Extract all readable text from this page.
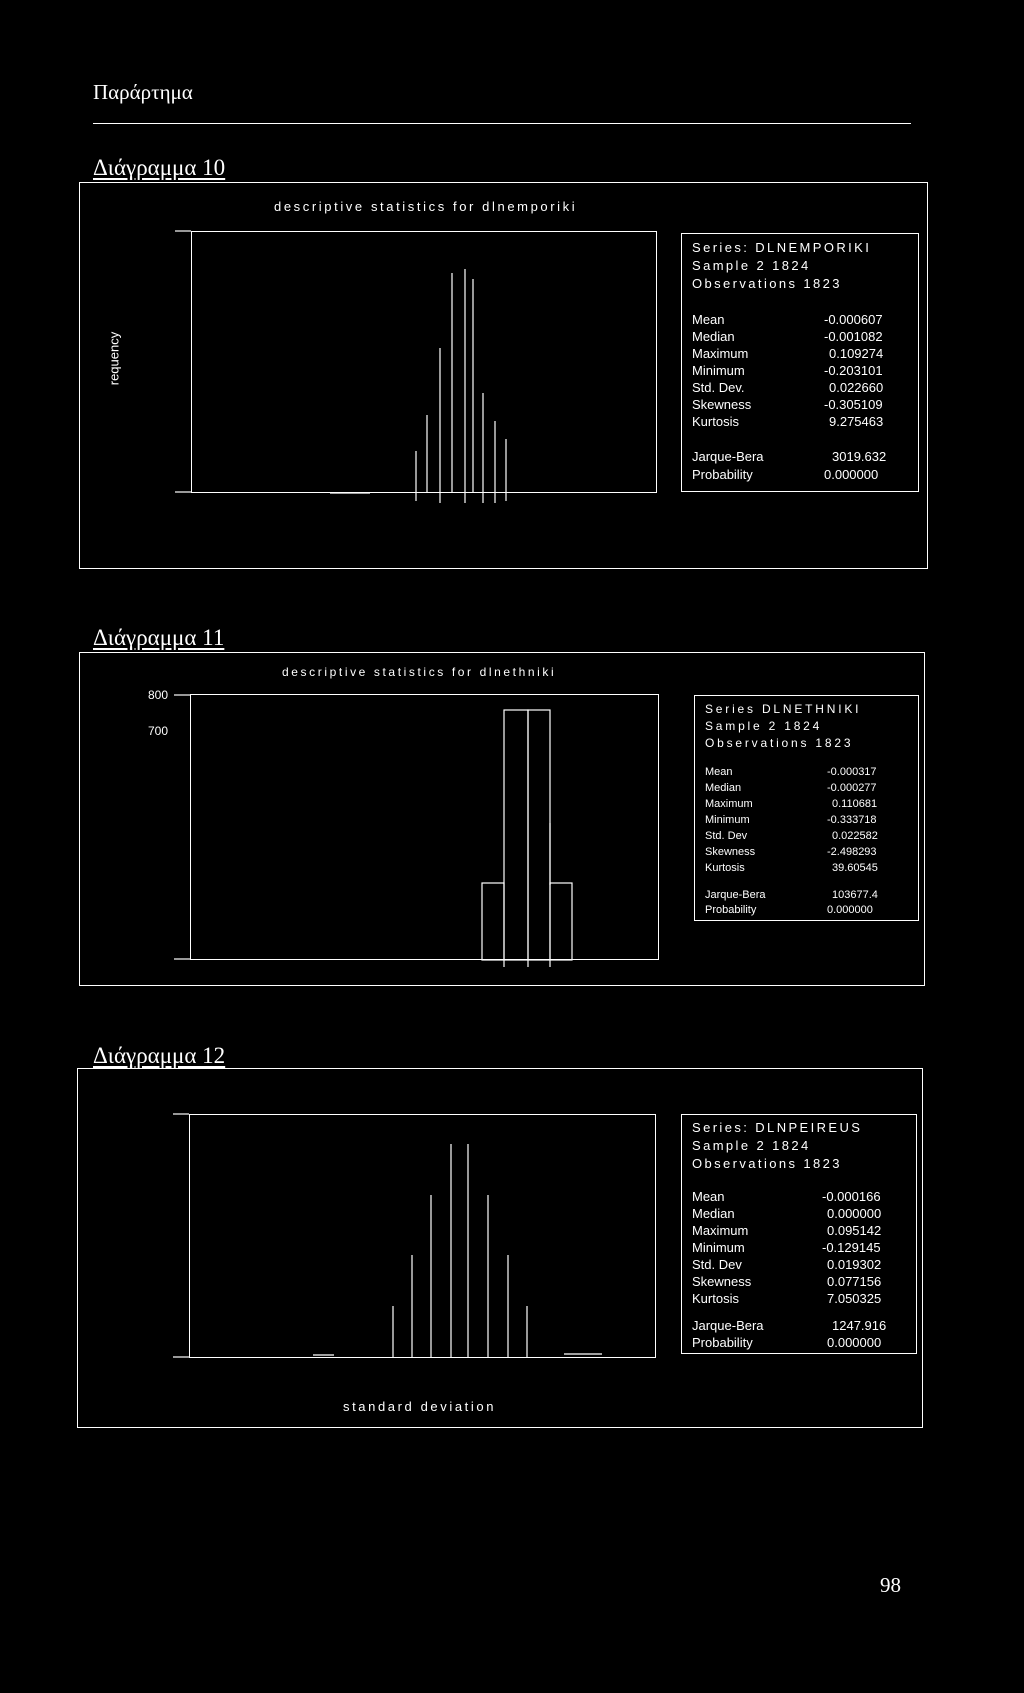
Παράρτημα
Διάγραμμα 10
descriptive statistics for dlnemporiki
requency
Series: DLNEMPORIKI
Sample 2 1824
Observations 1823
Mean	-0.000607
Median	-0.001082
Maximum	0.109274
Minimum	-0.203101
Std. Dev.	0.022660
Skewness	-0.305109
Kurtosis	9.275463
Jarque-Bera	3019.632
Probability	0.000000
Διάγραμμα 11
descriptive statistics for dlnethniki
800
700
Series DLNETHNIKI
Sample 2 1824
Observations 1823
Mean	-0.000317
Median	-0.000277
Maximum	0.110681
Minimum	-0.333718
Std. Dev	0.022582
Skewness	-2.498293
Kurtosis	39.60545
Jarque-Bera	103677.4
Probability	0.000000
Διάγραμμα 12
standard deviation
Series: DLNPEIREUS
Sample 2 1824
Observations 1823
Mean	-0.000166
Median	0.000000
Maximum	0.095142
Minimum	-0.129145
Std. Dev	0.019302
Skewness	0.077156
Kurtosis	7.050325
Jarque-Bera	1247.916
Probability	0.000000
98
